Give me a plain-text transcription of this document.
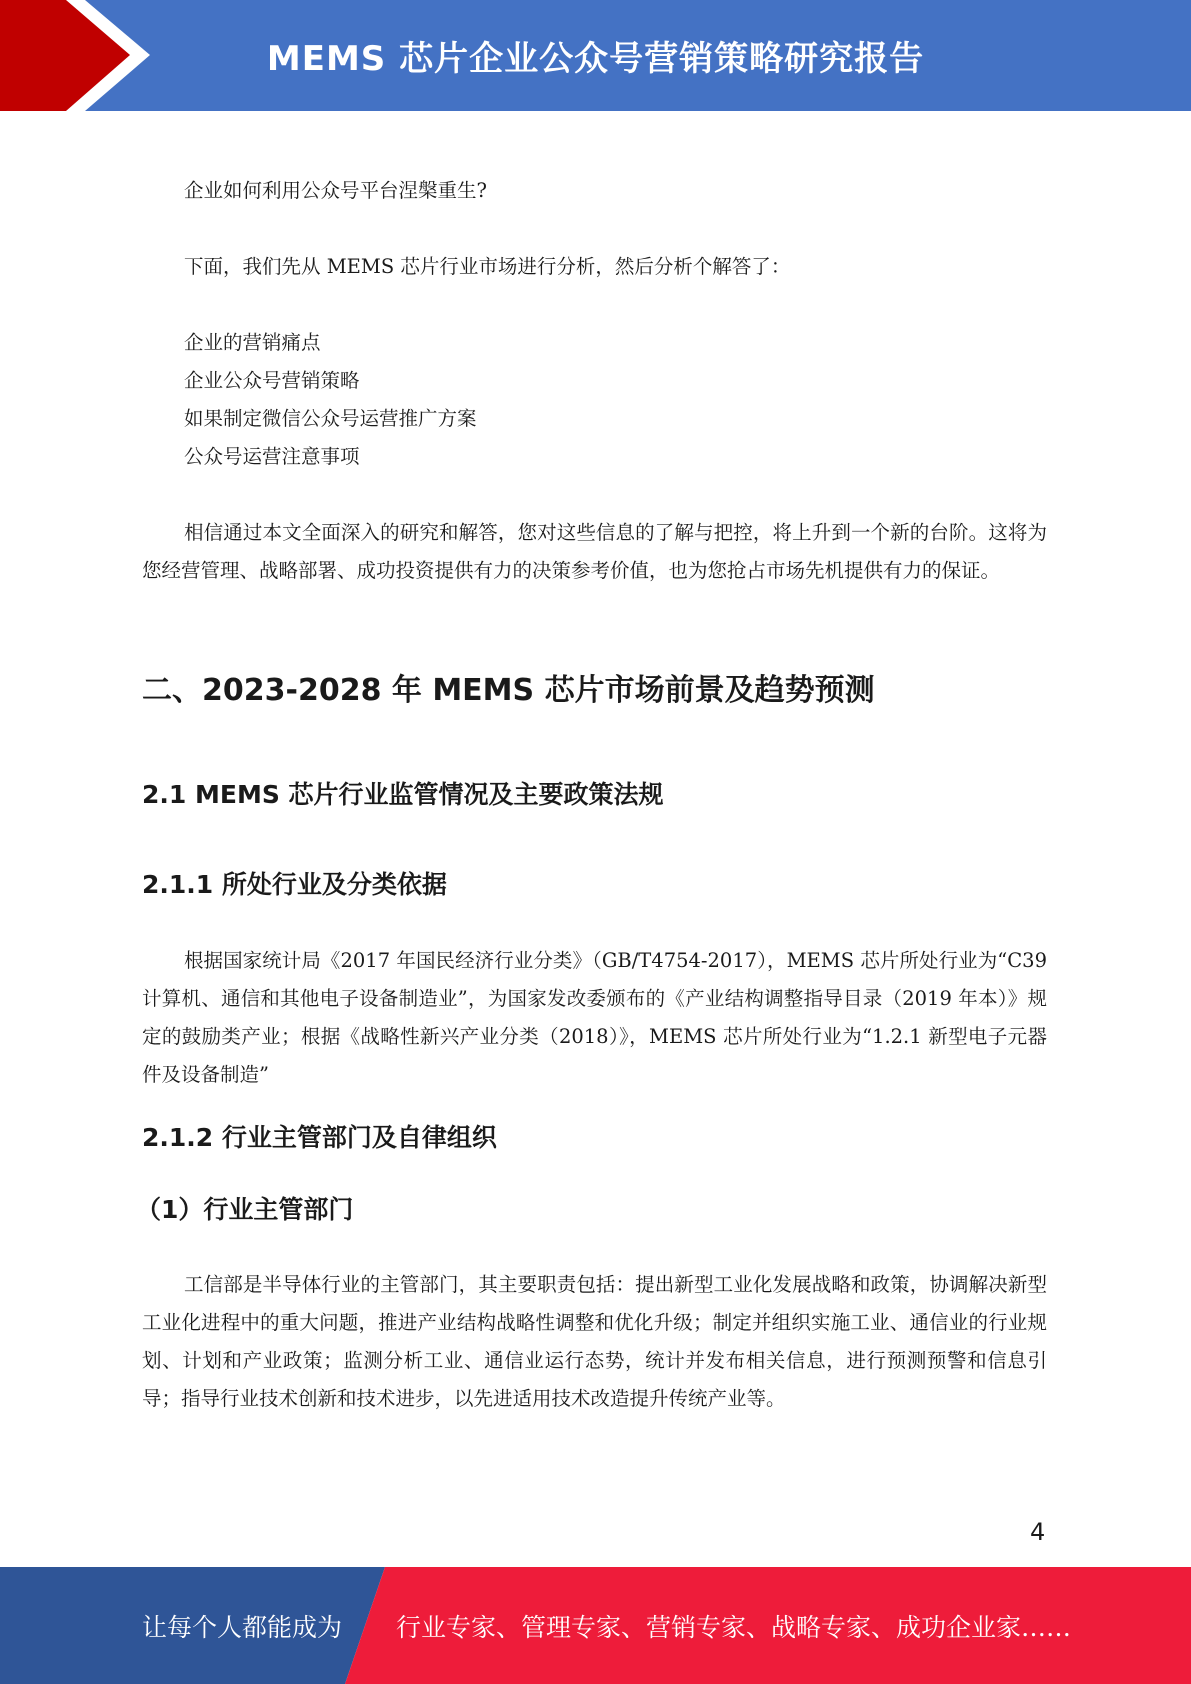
MEMS 芯片企业公众号营销策略研究报告

企业如何利用公众号平台涅槃重生?

下面，我们先从 MEMS 芯片行业市场进行分析，然后分析个解答了：

企业的营销痛点

企业公众号营销策略

如果制定微信公众号运营推广方案

公众号运营注意事项

相信通过本文全面深入的研究和解答，您对这些信息的了解与把控，将上升到一个新的台阶。这将为您经营管理、战略部署、成功投资提供有力的决策参考价值，也为您抢占市场先机提供有力的保证。

二、2023-2028 年 MEMS 芯片市场前景及趋势预测
2.1 MEMS 芯片行业监管情况及主要政策法规
2.1.1 所处行业及分类依据

根据国家统计局《2017 年国民经济行业分类》（GB/T4754-2017），MEMS 芯片所处行业为“C39 计算机、通信和其他电子设备制造业”，为国家发改委颁布的《产业结构调整指导目录（2019 年本）》规定的鼓励类产业；根据《战略性新兴产业分类（2018）》，MEMS 芯片所处行业为“1.2.1 新型电子元器件及设备制造”

2.1.2 行业主管部门及自律组织
（1）行业主管部门

工信部是半导体行业的主管部门，其主要职责包括：提出新型工业化发展战略和政策，协调解决新型工业化进程中的重大问题，推进产业结构战略性调整和优化升级；制定并组织实施工业、通信业的行业规划、计划和产业政策；监测分析工业、通信业运行态势，统计并发布相关信息，进行预测预警和信息引导；指导行业技术创新和技术进步，以先进适用技术改造提升传统产业等。

4
让每个人都能成为 行业专家、管理专家、营销专家、战略专家、成功企业家……
